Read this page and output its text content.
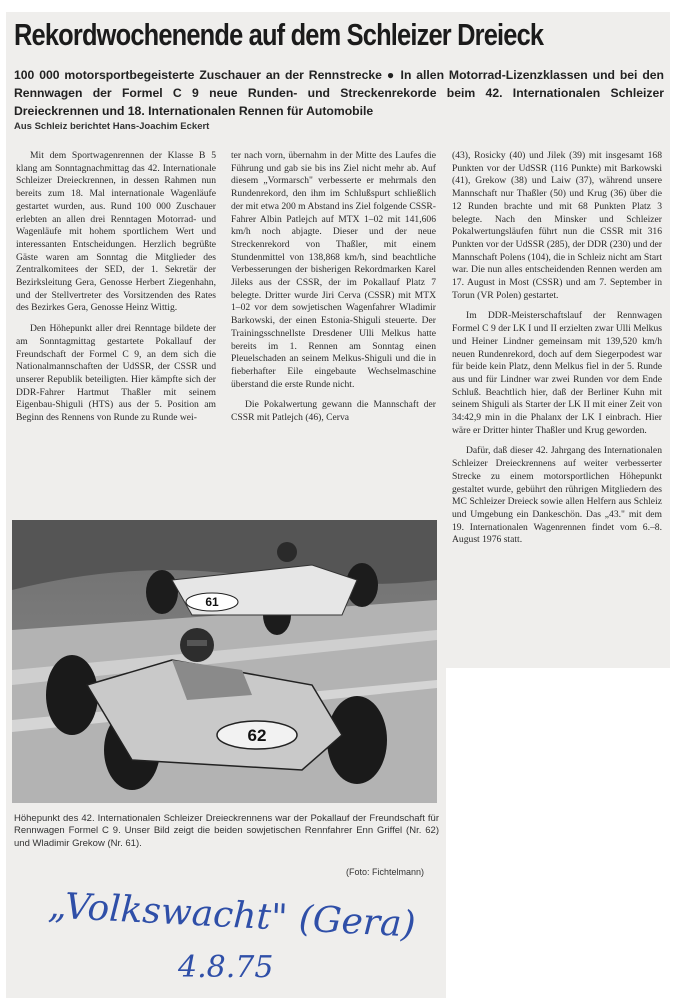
Rekordwochenende auf dem Schleizer Dreieck
100 000 motorsportbegeisterte Zuschauer an der Rennstrecke ● In allen Motorrad-Lizenzklassen und bei den Rennwagen der Formel C 9 neue Runden- und Streckenrekorde beim 42. Internationalen Schleizer Dreieckrennen und 18. Internationalen Rennen für Automobile
Aus Schleiz berichtet Hans-Joachim Eckert

Mit dem Sportwagenrennen der Klasse B 5 klang am Sonntagnachmittag das 42. Internationale Schleizer Dreieckrennen, in dessen Rahmen nun bereits zum 18. Mal internationale Wagenläufe gestartet wurden, aus. Rund 100 000 Zuschauer erlebten an allen drei Renntagen Motorrad- und Wagenläufe mit hohem sportlichem Wert und interessanten Entscheidungen. Herzlich begrüßte Gäste waren am Sonntag die Mitglieder des Zentralkomitees der SED, der 1. Sekretär der Bezirksleitung Gera, Genosse Herbert Ziegenhahn, und der Stellvertreter des Vorsitzenden des Rates des Bezirkes Gera, Genosse Heinz Wittig.

Den Höhepunkt aller drei Renntage bildete der am Sonntagmittag gestartete Pokallauf der Freundschaft der Formel C 9, an dem sich die Nationalmannschaften der UdSSR, der CSSR und unserer Republik beteiligten. Hier kämpfte sich der DDR-Fahrer Hartmut Thaßler mit seinem Eigenbau-Shiguli (HTS) aus der 5. Position am Beginn des Rennens von Runde zu Runde wei-

ter nach vorn, übernahm in der Mitte des Laufes die Führung und gab sie bis ins Ziel nicht mehr ab. Auf diesem „Vormarsch" verbesserte er mehrmals den Rundenrekord, den ihm im Schlußspurt schließlich der mit etwa 200 m Abstand ins Ziel folgende CSSR-Fahrer Albin Patlejch auf MTX 1–02 mit 141,606 km/h noch abjagte. Dieser und der neue Streckenrekord von Thaßler, mit einem Stundenmittel von 138,868 km/h, sind beachtliche Verbesserungen der bisherigen Rekordmarken Karel Jileks aus der CSSR, der im Pokallauf Platz 7 belegte. Dritter wurde Jiri Cerva (CSSR) mit MTX 1–02 vor dem sowjetischen Wagenfahrer Wladimir Barkowski, der einen Estonia-Shiguli steuerte. Der Trainingsschnellste Dresdener Ulli Melkus hatte bereits im 1. Rennen am Sonntag einen Pleuelschaden an seinem Melkus-Shiguli und die in fieberhafter Eile eingebaute Wechselmaschine überstand die erste Runde nicht.

Die Pokalwertung gewann die Mannschaft der CSSR mit Patlejch (46), Cerva

(43), Rosicky (40) und Jilek (39) mit insgesamt 168 Punkten vor der UdSSR (116 Punkte) mit Barkowski (41), Grekow (38) und Laiw (37), während unsere Mannschaft nur Thaßler (50) und Krug (36) über die 12 Runden brachte und mit 68 Punkten Platz 3 belegte. Nach den Minsker und Schleizer Pokalwertungsläufen führt nun die CSSR mit 316 Punkten vor der UdSSR (285), der DDR (230) und der Mannschaft Polens (104), die in Schleiz nicht am Start war. Die nun alles entscheidenden Rennen werden am 17. August in Most (CSSR) und am 7. September in Torun (VR Polen) gestartet.

Im DDR-Meisterschaftslauf der Rennwagen Formel C 9 der LK I und II erzielten zwar Ulli Melkus und Heiner Lindner gemeinsam mit 139,520 km/h neuen Rundenrekord, doch auf dem Siegerpodest war für beide kein Platz, denn Melkus fiel in der 5. Runde aus und für Lindner war zwei Runden vor dem Ende Schluß. Beachtlich hier, daß der Berliner Kuhn mit seinem Shiguli als Starter der LK II mit einer Zeit von 34:42,9 min in die Phalanx der LK I einbrach. Hier wäre er Dritter hinter Thaßler und Krug geworden.

Dafür, daß dieser 42. Jahrgang des Internationalen Schleizer Dreieckrennens auf weiter verbesserter Strecke zu einem motorsportlichen Höhepunkt gestaltet wurde, gebührt den rührigen Mitgliedern des MC Schleizer Dreieck sowie allen Helfern aus Schleiz und Umgebung ein Dankeschön. Das „43." mit dem 19. Internationalen Wagenrennen findet vom 6.–8. August 1976 statt.

61
62
Höhepunkt des 42. Internationalen Schleizer Dreieckrennens war der Pokallauf der Freundschaft für Rennwagen Formel C 9. Unser Bild zeigt die beiden sowjetischen Rennfahrer Enn Griffel (Nr. 62) und Wladimir Grekow (Nr. 61).
(Foto: Fichtelmann)
„Volkswacht" (Gera)
4.8.75
